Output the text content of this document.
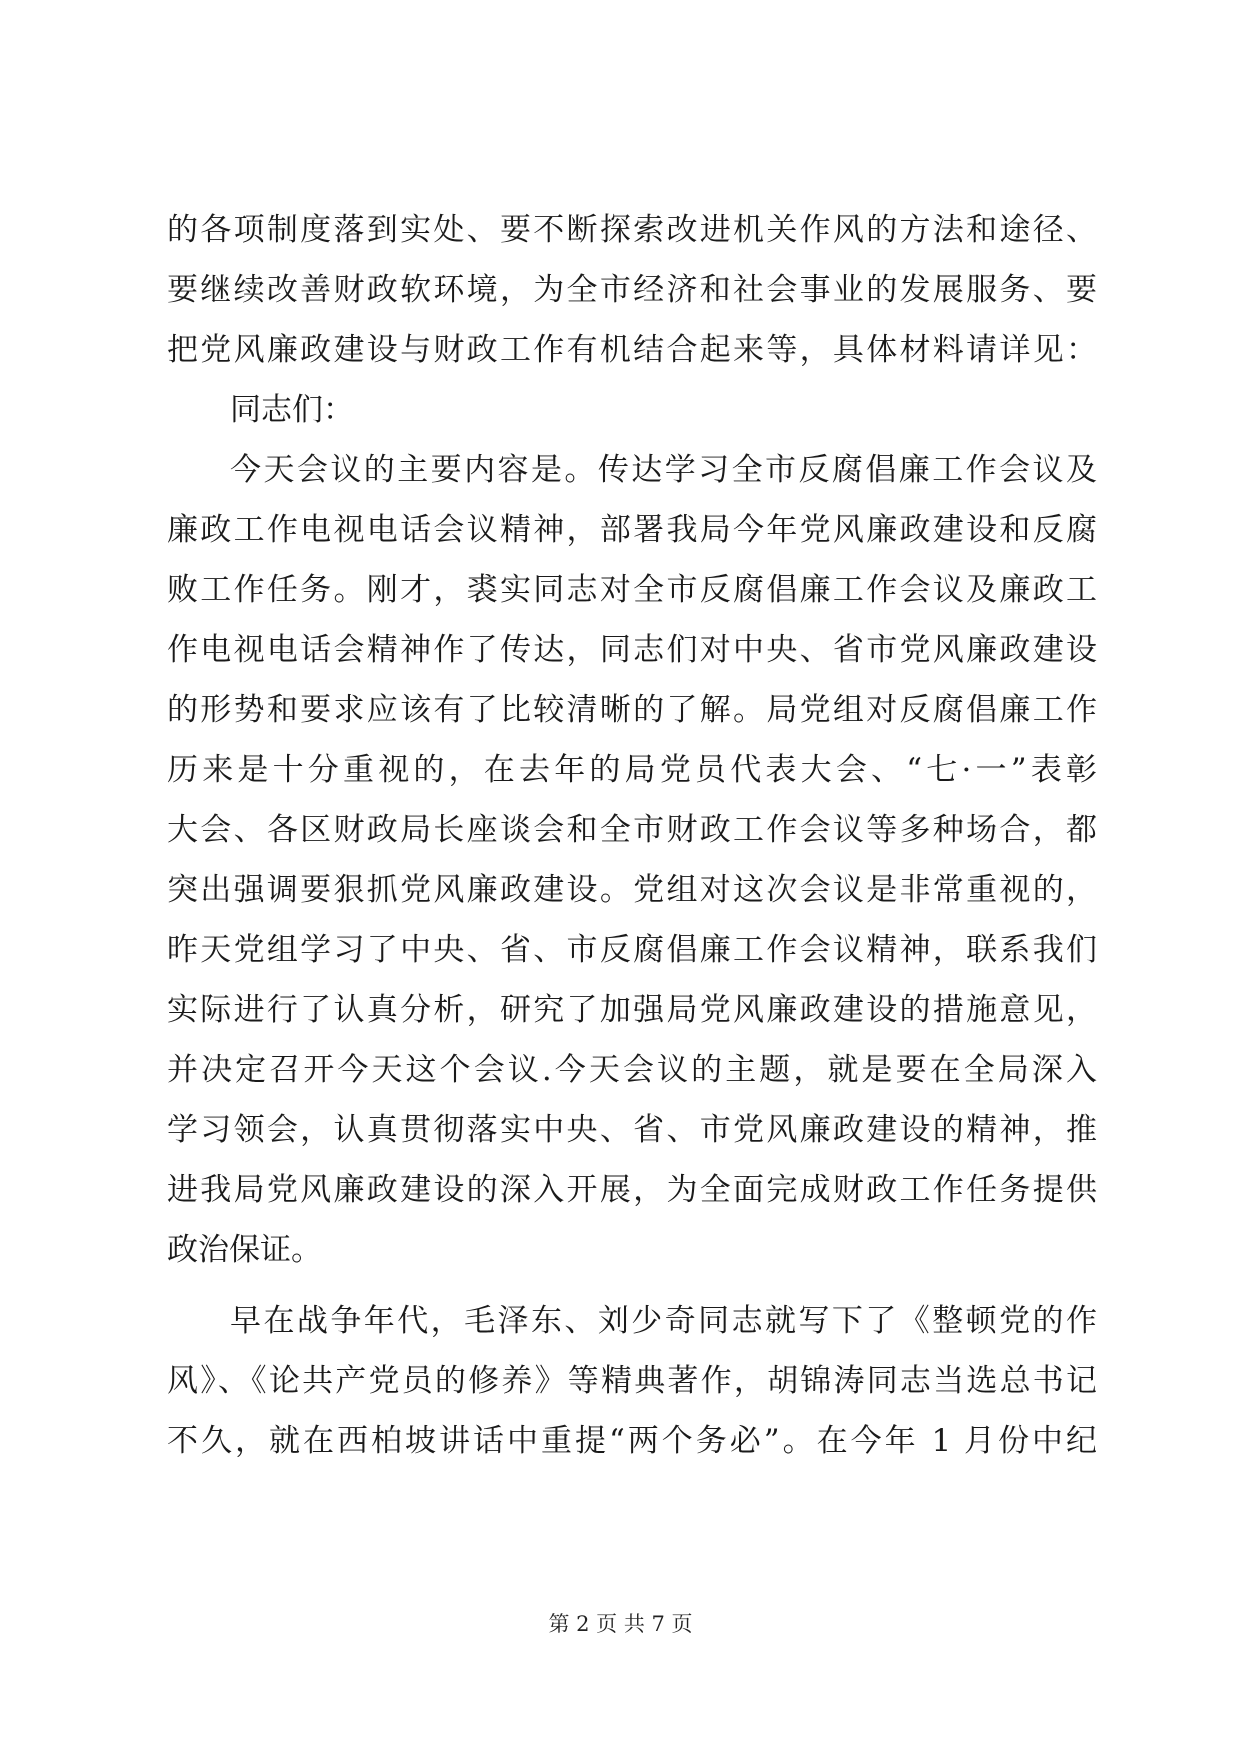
的各项制度落到实处、要不断探索改进机关作风的方法和途径、
要继续改善财政软环境，为全市经济和社会事业的发展服务、要
把党风廉政建设与财政工作有机结合起来等，具体材料请详见：
同志们：
今天会议的主要内容是。传达学习全市反腐倡廉工作会议及
廉政工作电视电话会议精神，部署我局今年党风廉政建设和反腐
败工作任务。刚才，裘实同志对全市反腐倡廉工作会议及廉政工
作电视电话会精神作了传达，同志们对中央、省市党风廉政建设
的形势和要求应该有了比较清晰的了解。局党组对反腐倡廉工作
历来是十分重视的，在去年的局党员代表大会、“七·一”表彰
大会、各区财政局长座谈会和全市财政工作会议等多种场合，都
突出强调要狠抓党风廉政建设。党组对这次会议是非常重视的，
昨天党组学习了中央、省、市反腐倡廉工作会议精神，联系我们
实际进行了认真分析，研究了加强局党风廉政建设的措施意见，
并决定召开今天这个会议.今天会议的主题，就是要在全局深入
学习领会，认真贯彻落实中央、省、市党风廉政建设的精神，推
进我局党风廉政建设的深入开展，为全面完成财政工作任务提供
政治保证。
早在战争年代，毛泽东、刘少奇同志就写下了《整顿党的作
风》、《论共产党员的修养》等精典著作，胡锦涛同志当选总书记
不久，就在西柏坡讲话中重提“两个务必”。在今年 1 月份中纪
第 2 页 共 7 页
